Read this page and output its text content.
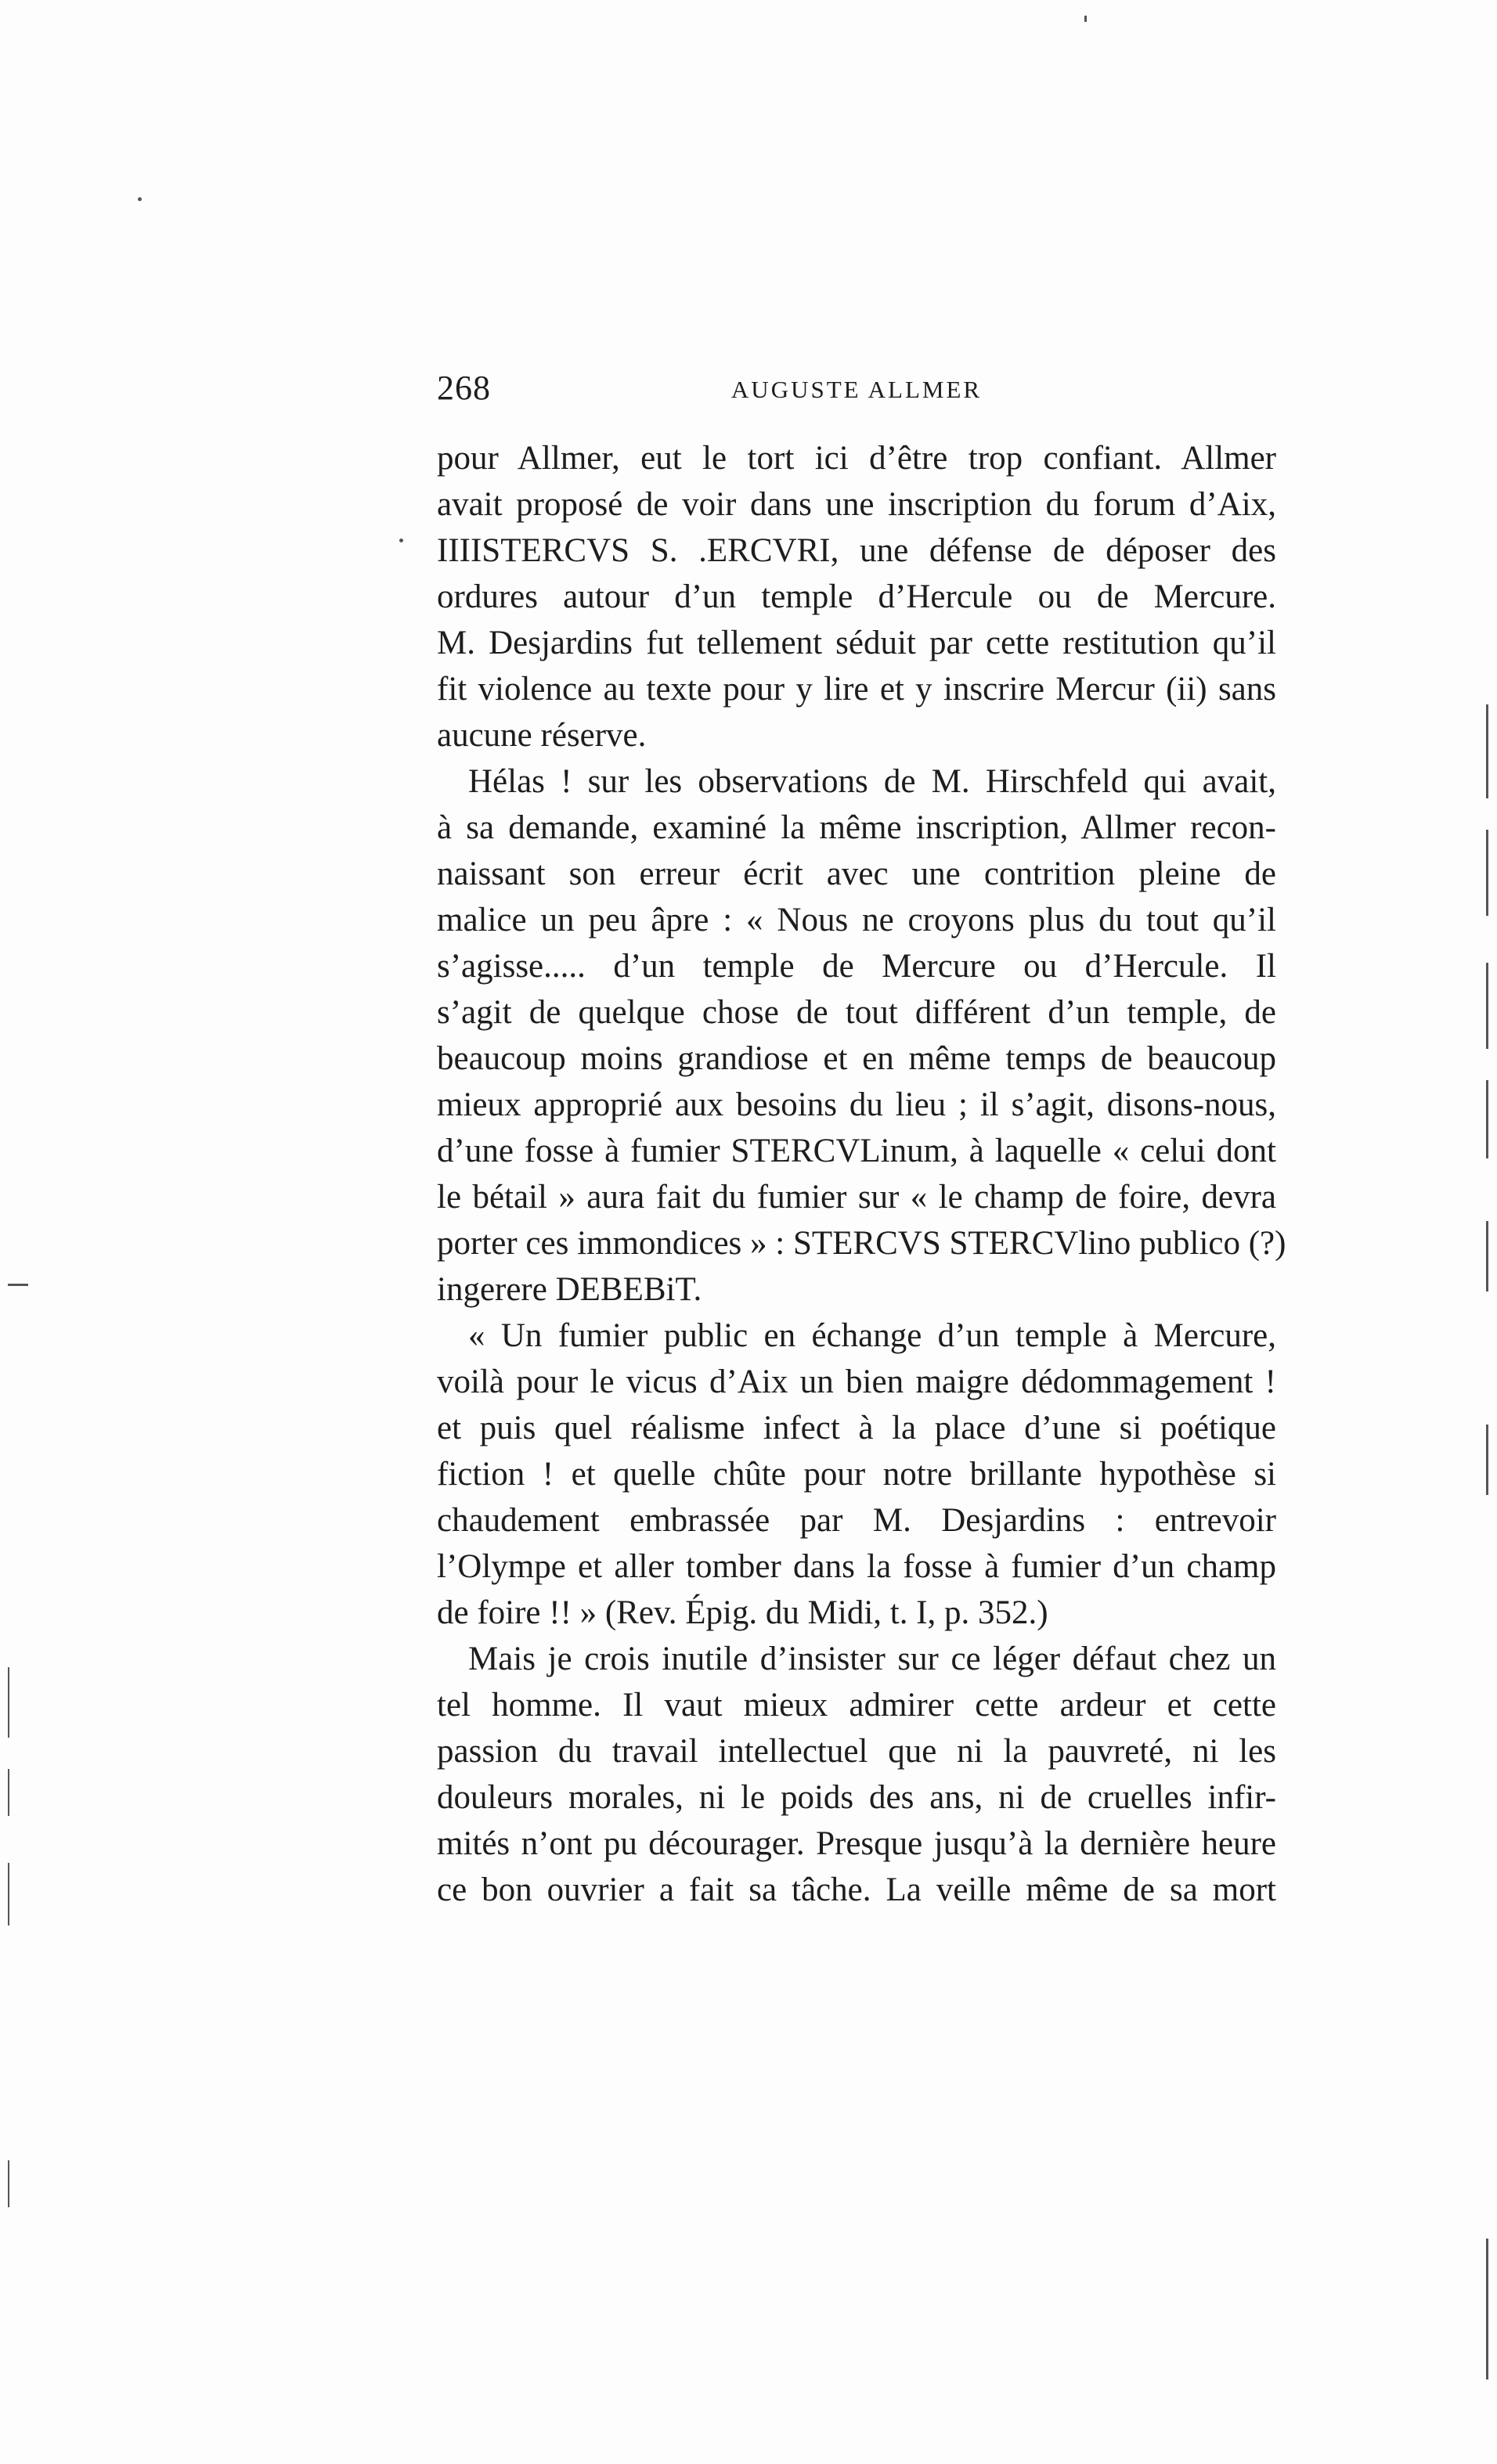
268	AUGUSTE ALLMER
pour Allmer, eut le tort ici d’être trop confiant. Allmer
avait proposé de voir dans une inscription du forum d’Aix,
IIIISTERCVS S. .ERCVRI, une défense de déposer des
ordures autour d’un temple d’Hercule ou de Mercure.
M. Desjardins fut tellement séduit par cette restitution qu’il
fit violence au texte pour y lire et y inscrire Mercur (ii) sans
aucune réserve.
Hélas ! sur les observations de M. Hirschfeld qui avait,
à sa demande, examiné la même inscription, Allmer recon-
naissant son erreur écrit avec une contrition pleine de
malice un peu âpre : « Nous ne croyons plus du tout qu’il
s’agisse..... d’un temple de Mercure ou d’Hercule. Il
s’agit de quelque chose de tout différent d’un temple, de
beaucoup moins grandiose et en même temps de beaucoup
mieux approprié aux besoins du lieu ; il s’agit, disons-nous,
d’une fosse à fumier STERCVLinum, à laquelle « celui dont
le bétail » aura fait du fumier sur « le champ de foire, devra
porter ces immondices » : STERCVS STERCVlino publico (?)
ingerere DEBEBiT.
« Un fumier public en échange d’un temple à Mercure,
voilà pour le vicus d’Aix un bien maigre dédommagement !
et puis quel réalisme infect à la place d’une si poétique
fiction ! et quelle chûte pour notre brillante hypothèse si
chaudement embrassée par M. Desjardins : entrevoir
l’Olympe et aller tomber dans la fosse à fumier d’un champ
de foire !! » (Rev. Épig. du Midi, t. I, p. 352.)
Mais je crois inutile d’insister sur ce léger défaut chez un
tel homme. Il vaut mieux admirer cette ardeur et cette
passion du travail intellectuel que ni la pauvreté, ni les
douleurs morales, ni le poids des ans, ni de cruelles infir-
mités n’ont pu décourager. Presque jusqu’à la dernière heure
ce bon ouvrier a fait sa tâche. La veille même de sa mort
